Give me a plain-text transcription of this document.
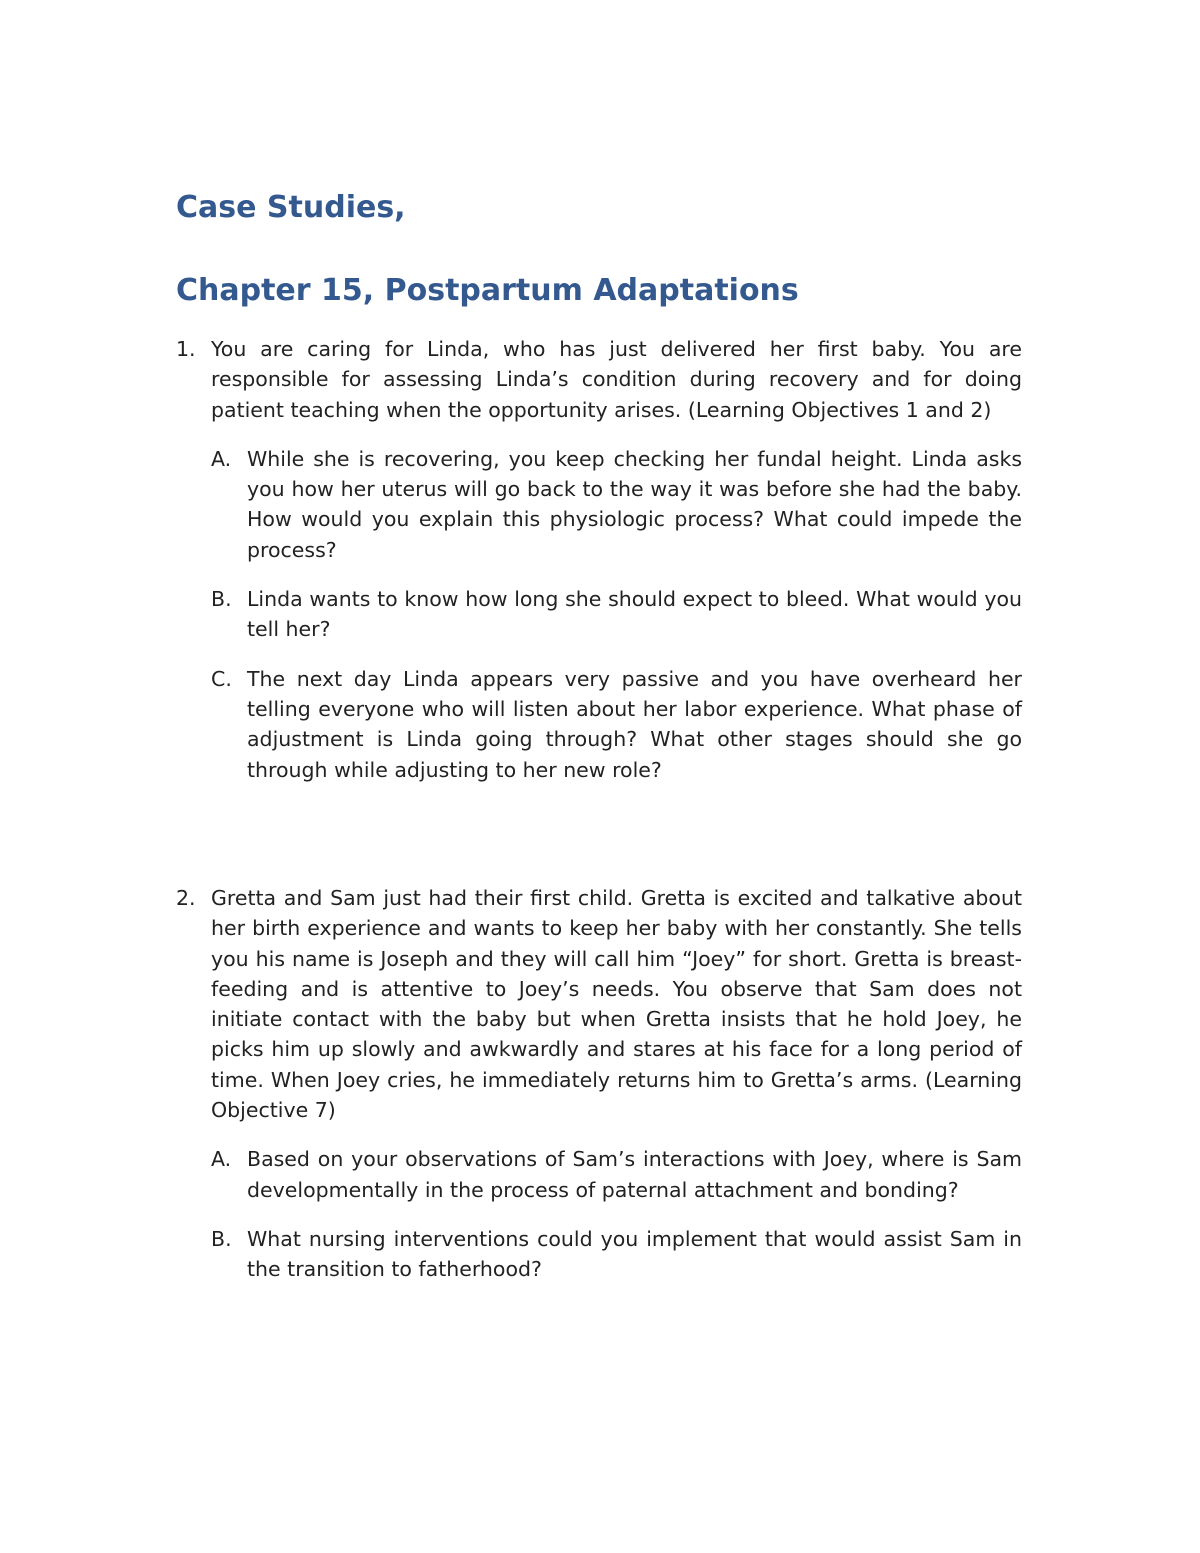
Case Studies,
Chapter 15, Postpartum Adaptations
1. You are caring for Linda, who has just delivered her first baby. You are responsible for assessing Linda’s condition during recovery and for doing patient teaching when the opportunity arises. (Learning Objectives 1 and 2)
A. While she is recovering, you keep checking her fundal height. Linda asks you how her uterus will go back to the way it was before she had the baby. How would you explain this physiologic process? What could impede the process?
B. Linda wants to know how long she should expect to bleed. What would you tell her?
C. The next day Linda appears very passive and you have overheard her telling everyone who will listen about her labor experience. What phase of adjustment is Linda going through? What other stages should she go through while adjusting to her new role?
2. Gretta and Sam just had their first child. Gretta is excited and talkative about her birth experience and wants to keep her baby with her constantly. She tells you his name is Joseph and they will call him “Joey” for short. Gretta is breast-feeding and is attentive to Joey’s needs. You observe that Sam does not initiate contact with the baby but when Gretta insists that he hold Joey, he picks him up slowly and awkwardly and stares at his face for a long period of time. When Joey cries, he immediately returns him to Gretta’s arms. (Learning Objective 7)
A. Based on your observations of Sam’s interactions with Joey, where is Sam developmentally in the process of paternal attachment and bonding?
B. What nursing interventions could you implement that would assist Sam in the transition to fatherhood?
